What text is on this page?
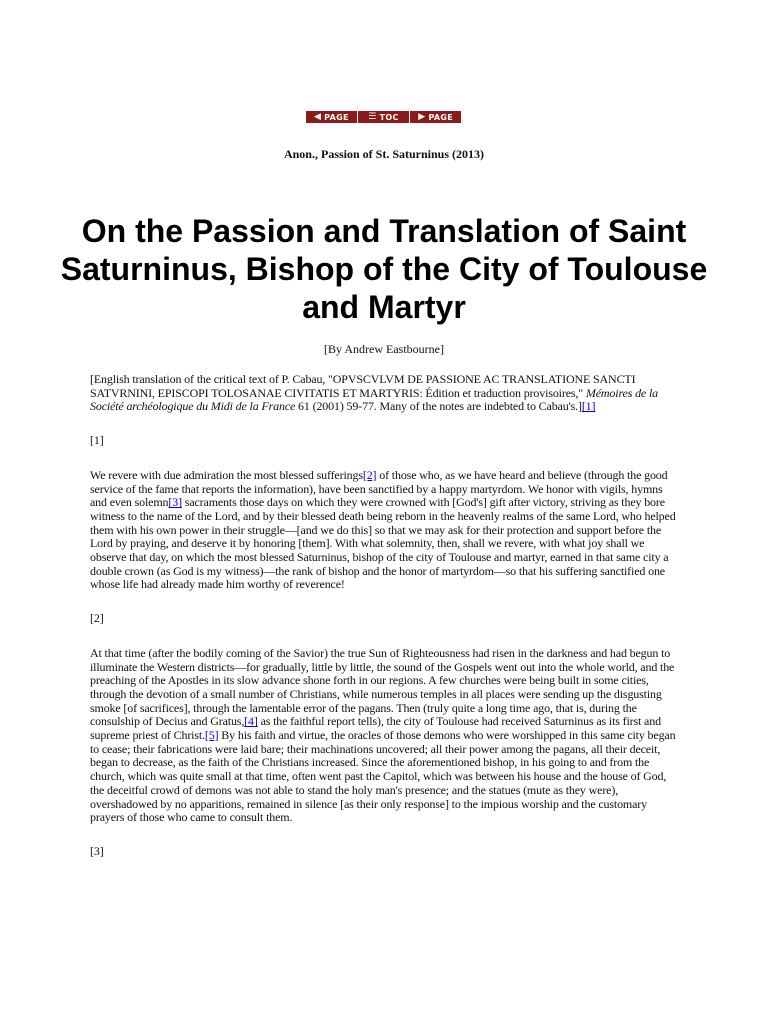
◀ PAGE ☰ TOC ▶ PAGE
Anon., Passion of St. Saturninus (2013)
On the Passion and Translation of Saint Saturninus, Bishop of the City of Toulouse and Martyr
[By Andrew Eastbourne]

[English translation of the critical text of P. Cabau, "OPVSCVLVM DE PASSIONE AC TRANSLATIONE SANCTI SATVRNINI, EPISCOPI TOLOSANAE CIVITATIS ET MARTYRIS: Édition et traduction provisoires," Mémoires de la Société archéologique du Midi de la France 61 (2001) 59-77. Many of the notes are indebted to Cabau's.][1]

[1]

We revere with due admiration the most blessed sufferings[2] of those who, as we have heard and believe (through the good service of the fame that reports the information), have been sanctified by a happy martyrdom. We honor with vigils, hymns and even solemn[3] sacraments those days on which they were crowned with [God's] gift after victory, striving as they bore witness to the name of the Lord, and by their blessed death being reborn in the heavenly realms of the same Lord, who helped them with his own power in their struggle—[and we do this] so that we may ask for their protection and support before the Lord by praying, and deserve it by honoring [them]. With what solemnity, then, shall we revere, with what joy shall we observe that day, on which the most blessed Saturninus, bishop of the city of Toulouse and martyr, earned in that same city a double crown (as God is my witness)—the rank of bishop and the honor of martyrdom—so that his suffering sanctified one whose life had already made him worthy of reverence!

[2]

At that time (after the bodily coming of the Savior) the true Sun of Righteousness had risen in the darkness and had begun to illuminate the Western districts—for gradually, little by little, the sound of the Gospels went out into the whole world, and the preaching of the Apostles in its slow advance shone forth in our regions. A few churches were being built in some cities, through the devotion of a small number of Christians, while numerous temples in all places were sending up the disgusting smoke [of sacrifices], through the lamentable error of the pagans. Then (truly quite a long time ago, that is, during the consulship of Decius and Gratus,[4] as the faithful report tells), the city of Toulouse had received Saturninus as its first and supreme priest of Christ.[5] By his faith and virtue, the oracles of those demons who were worshipped in this same city began to cease; their fabrications were laid bare; their machinations uncovered; all their power among the pagans, all their deceit, began to decrease, as the faith of the Christians increased. Since the aforementioned bishop, in his going to and from the church, which was quite small at that time, often went past the Capitol, which was between his house and the house of God, the deceitful crowd of demons was not able to stand the holy man's presence; and the statues (mute as they were), overshadowed by no apparitions, remained in silence [as their only response] to the impious worship and the customary prayers of those who came to consult them.

[3]
